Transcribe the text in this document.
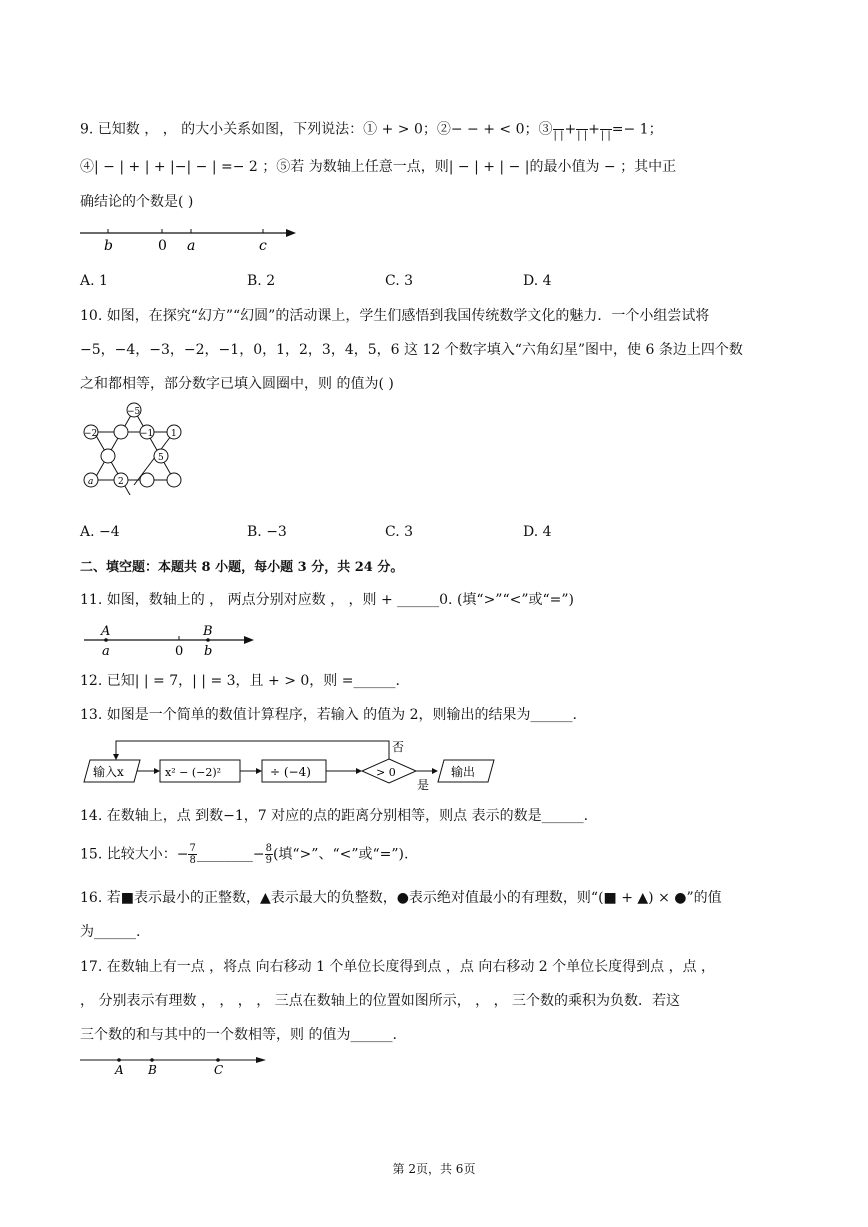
9. 已知数 ， ， 的大小关系如图，下列说法：① + > 0；②− − + < 0；③
| | +
| | +
| | =− 1；
④| − | + | + |−| − | =− 2 ；⑤若 为数轴上任意一点，则| − | + | − |的最小值为 − ；其中正
确结论的个数是( )
b	0 a	c
A. 1	B. 2	C. 3	D. 4
10. 如图，在探究“幻方”“幻圆”的活动课上，学生们感悟到我国传统数学文化的魅力．一个小组尝试将
−5，−4，−3，−2，−1，0，1，2，3，4，5，6 这 12 个数字填入“六角幻星”图中，使 6 条边上四个数
之和都相等，部分数字已填入圆圈中，则 的值为( )
−5
−2	−1 1
5
a	2
A. −4	B. −3	C. 3	D. 4
二、填空题：本题共 8 小题，每小题 3 分，共 24 分。
11. 如图，数轴上的 ， 两点分别对应数 ， ，则 + ______0. (填“>”“<”或“=”)
A	B
a	0 b
12. 已知| | = 7，| | = 3，且 + > 0，则 =______.
13. 如图是一个简单的数值计算程序，若输入 的值为 2，则输出的结果为______.
输入x	x² − (−2)²	÷ (−4)	> 0	输出
否
是
14. 在数轴上，点 到数−1，7 对应的点的距离分别相等，则点 表示的数是______.
15. 比较大小：− $\frac{7}{8}$ ________− $\frac{8}{9}$ (填“>”、“<”或“=”).
16. 若■表示最小的正整数，▲表示最大的负整数，●表示绝对值最小的有理数，则“(■ + ▲) × ●”的值
为______.
17. 在数轴上有一点 ，将点 向右移动 1 个单位长度得到点 ，点 向右移动 2 个单位长度得到点 ，点 ，
， 分别表示有理数 ， ， ， ， 三点在数轴上的位置如图所示， ， ， 三个数的乘积为负数．若这
三个数的和与其中的一个数相等，则 的值为______.
A B	C
第 2页，共 6页
